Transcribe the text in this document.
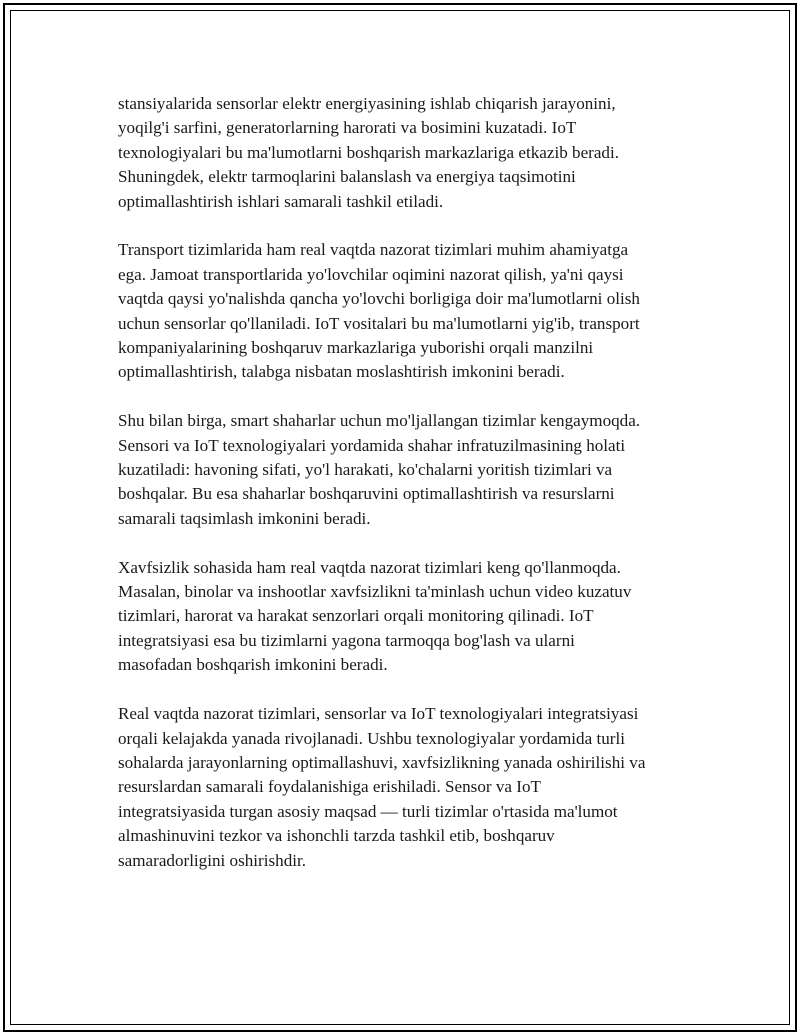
stansiyalarida sensorlar elektr energiyasining ishlab chiqarish jarayonini,
yoqilg'i sarfini, generatorlarning harorati va bosimini kuzatadi. IoT
texnologiyalari bu ma'lumotlarni boshqarish markazlariga etkazib beradi.
Shuningdek, elektr tarmoqlarini balanslash va energiya taqsimotini
optimallashtirish ishlari samarali tashkil etiladi.

Transport tizimlarida ham real vaqtda nazorat tizimlari muhim ahamiyatga
ega. Jamoat transportlarida yo'lovchilar oqimini nazorat qilish, ya'ni qaysi
vaqtda qaysi yo'nalishda qancha yo'lovchi borligiga doir ma'lumotlarni olish
uchun sensorlar qo'llaniladi. IoT vositalari bu ma'lumotlarni yig'ib, transport
kompaniyalarining boshqaruv markazlariga yuborishi orqali manzilni
optimallashtirish, talabga nisbatan moslashtirish imkonini beradi.

Shu bilan birga, smart shaharlar uchun mo'ljallangan tizimlar kengaymoqda.
Sensori va IoT texnologiyalari yordamida shahar infratuzilmasining holati
kuzatiladi: havoning sifati, yo'l harakati, ko'chalarni yoritish tizimlari va
boshqalar. Bu esa shaharlar boshqaruvini optimallashtirish va resurslarni
samarali taqsimlash imkonini beradi.

Xavfsizlik sohasida ham real vaqtda nazorat tizimlari keng qo'llanmoqda.
Masalan, binolar va inshootlar xavfsizlikni ta'minlash uchun video kuzatuv
tizimlari, harorat va harakat senzorlari orqali monitoring qilinadi. IoT
integratsiyasi esa bu tizimlarni yagona tarmoqqa bog'lash va ularni
masofadan boshqarish imkonini beradi.

Real vaqtda nazorat tizimlari, sensorlar va IoT texnologiyalari integratsiyasi
orqali kelajakda yanada rivojlanadi. Ushbu texnologiyalar yordamida turli
sohalarda jarayonlarning optimallashuvi, xavfsizlikning yanada oshirilishi va
resurslardan samarali foydalanishiga erishiladi. Sensor va IoT
integratsiyasida turgan asosiy maqsad — turli tizimlar o'rtasida ma'lumot
almashinuvini tezkor va ishonchli tarzda tashkil etib, boshqaruv
samaradorligini oshirishdir.
